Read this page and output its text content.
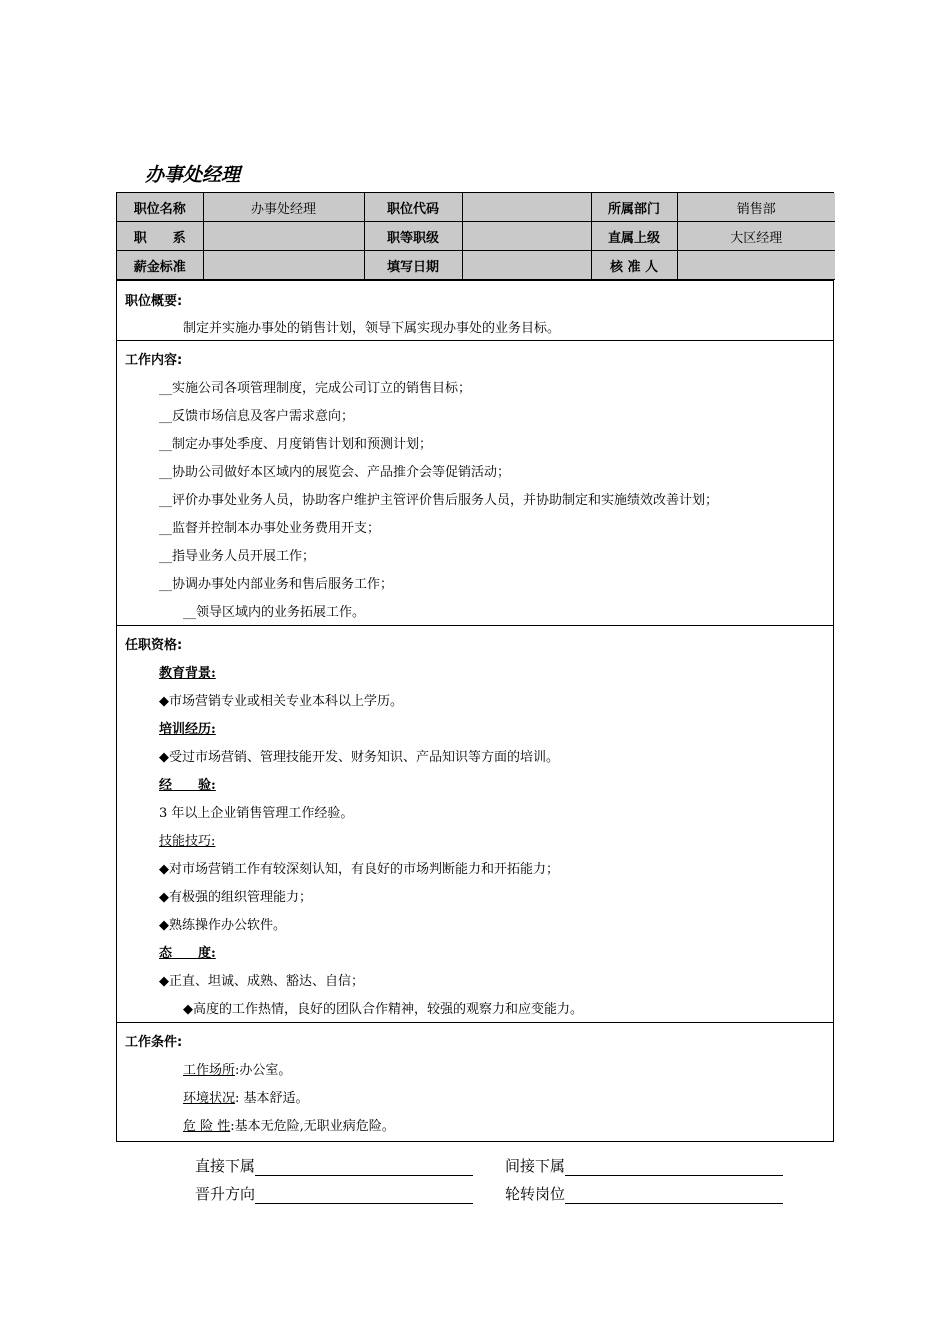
办事处经理
职位名称	办事处经理	职位代码		所属部门	销售部
职　　系		职等职级		直属上级	大区经理
薪金标准		填写日期		核 准 人	
职位概要:
制定并实施办事处的销售计划，领导下属实现办事处的业务目标。
工作内容:
__实施公司各项管理制度，完成公司订立的销售目标；
__反馈市场信息及客户需求意向；
__制定办事处季度、月度销售计划和预测计划；
__协助公司做好本区域内的展览会、产品推介会等促销活动；
__评价办事处业务人员，协助客户维护主管评价售后服务人员，并协助制定和实施绩效改善计划；
__监督并控制本办事处业务费用开支；
__指导业务人员开展工作；
__协调办事处内部业务和售后服务工作；
__领导区域内的业务拓展工作。
任职资格:
教育背景:
◆市场营销专业或相关专业本科以上学历。
培训经历:
◆受过市场营销、管理技能开发、财务知识、产品知识等方面的培训。
经　　验:
3 年以上企业销售管理工作经验。
技能技巧:
◆对市场营销工作有较深刻认知，有良好的市场判断能力和开拓能力；
◆有极强的组织管理能力；
◆熟练操作办公软件。
态　　度:
◆正直、坦诚、成熟、豁达、自信；
◆高度的工作热情，良好的团队合作精神，较强的观察力和应变能力。
工作条件:
工作场所:办公室。
环境状况: 基本舒适。
危 险 性:基本无危险,无职业病危险。
直接下属	间接下属
晋升方向	轮转岗位
